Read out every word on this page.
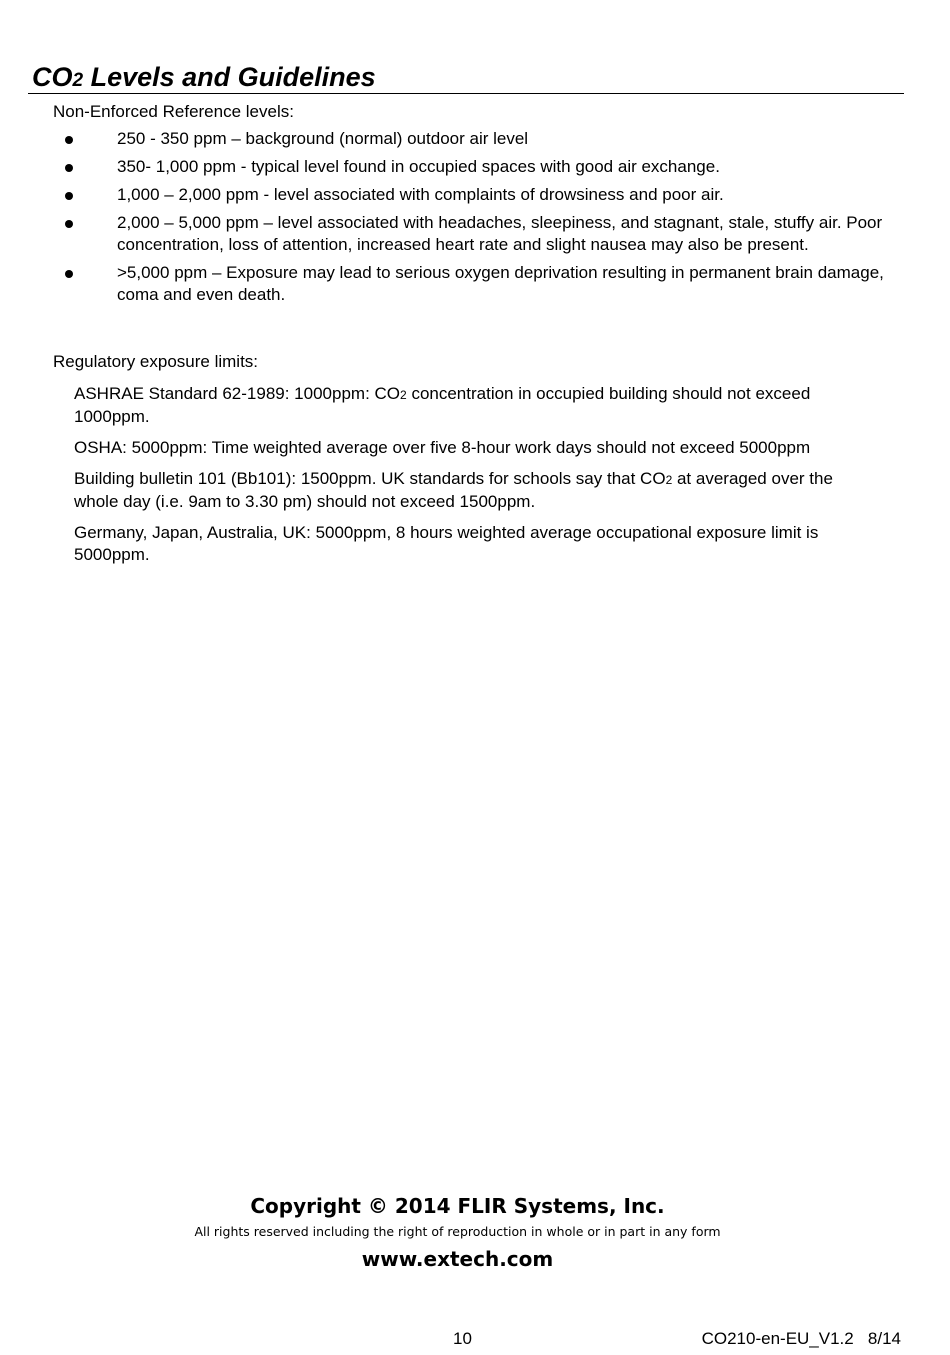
CO2 Levels and Guidelines
Non-Enforced Reference levels:
250 - 350 ppm – background (normal) outdoor air level
350- 1,000 ppm - typical level found in occupied spaces with good air exchange.
1,000 – 2,000 ppm - level associated with complaints of drowsiness and poor air.
2,000 – 5,000 ppm – level associated with headaches, sleepiness, and stagnant, stale, stuffy air. Poor concentration, loss of attention, increased heart rate and slight nausea may also be present.
>5,000 ppm – Exposure may lead to serious oxygen deprivation resulting in permanent brain damage, coma and even death.
Regulatory exposure limits:

ASHRAE Standard 62-1989: 1000ppm: CO2 concentration in occupied building should not exceed 1000ppm.

OSHA: 5000ppm: Time weighted average over five 8-hour work days should not exceed 5000ppm

Building bulletin 101 (Bb101): 1500ppm. UK standards for schools say that CO2 at averaged over the whole day (i.e. 9am to 3.30 pm) should not exceed 1500ppm.

Germany, Japan, Australia, UK: 5000ppm, 8 hours weighted average occupational exposure limit is 5000ppm.

Copyright © 2014 FLIR Systems, Inc.
All rights reserved including the right of reproduction in whole or in part in any form
www.extech.com
10	CO210-en-EU_V1.2   8/14
